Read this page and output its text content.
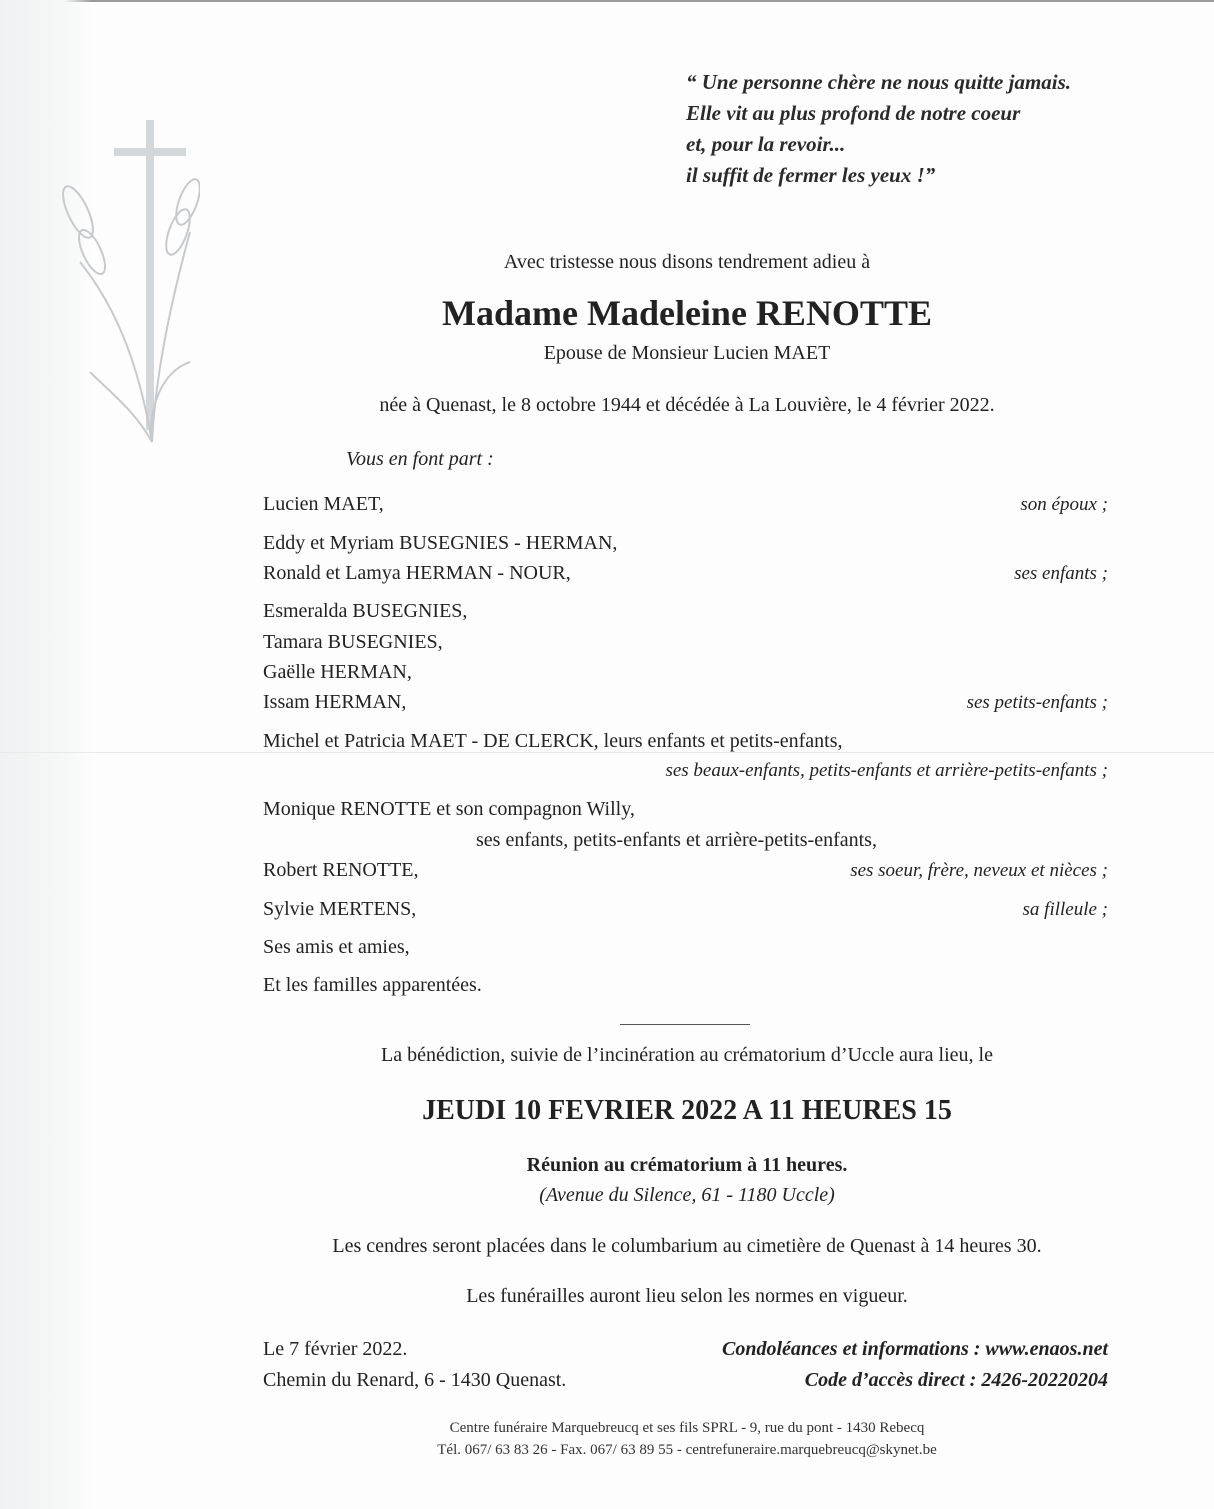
“ Une personne chère ne nous quitte jamais.
Elle vit au plus profond de notre coeur
et, pour la revoir...
il suffit de fermer les yeux !”
Avec tristesse nous disons tendrement adieu à
Madame Madeleine RENOTTE
Epouse de Monsieur Lucien MAET
née à Quenast, le 8 octobre 1944 et décédée à La Louvière, le 4 février 2022.
Vous en font part :
Lucien MAET,	son époux ;
Eddy et Myriam BUSEGNIES - HERMAN,
Ronald et Lamya HERMAN - NOUR,	ses enfants ;
Esmeralda BUSEGNIES,
Tamara BUSEGNIES,
Gaëlle HERMAN,
Issam HERMAN,	ses petits-enfants ;
Michel et Patricia MAET - DE CLERCK, leurs enfants et petits-enfants,
ses beaux-enfants, petits-enfants et arrière-petits-enfants ;
Monique RENOTTE et son compagnon Willy,
ses enfants, petits-enfants et arrière-petits-enfants,
Robert RENOTTE,	ses soeur, frère, neveux et nièces ;
Sylvie MERTENS,	sa filleule ;
Ses amis et amies,
Et les familles apparentées.
La bénédiction, suivie de l’incinération au crématorium d’Uccle aura lieu, le
JEUDI 10 FEVRIER 2022 A 11 HEURES 15
Réunion au crématorium à 11 heures.
(Avenue du Silence, 61 - 1180 Uccle)
Les cendres seront placées dans le columbarium au cimetière de Quenast à 14 heures 30.
Les funérailles auront lieu selon les normes en vigueur.
Le 7 février 2022.
Chemin du Renard, 6 - 1430 Quenast.
Condoléances et informations : www.enaos.net
Code d’accès direct : 2426-20220204
Centre funéraire Marquebreucq et ses fils SPRL - 9, rue du pont - 1430 Rebecq
Tél. 067/ 63 83 26 - Fax. 067/ 63 89 55 - centrefuneraire.marquebreucq@skynet.be
